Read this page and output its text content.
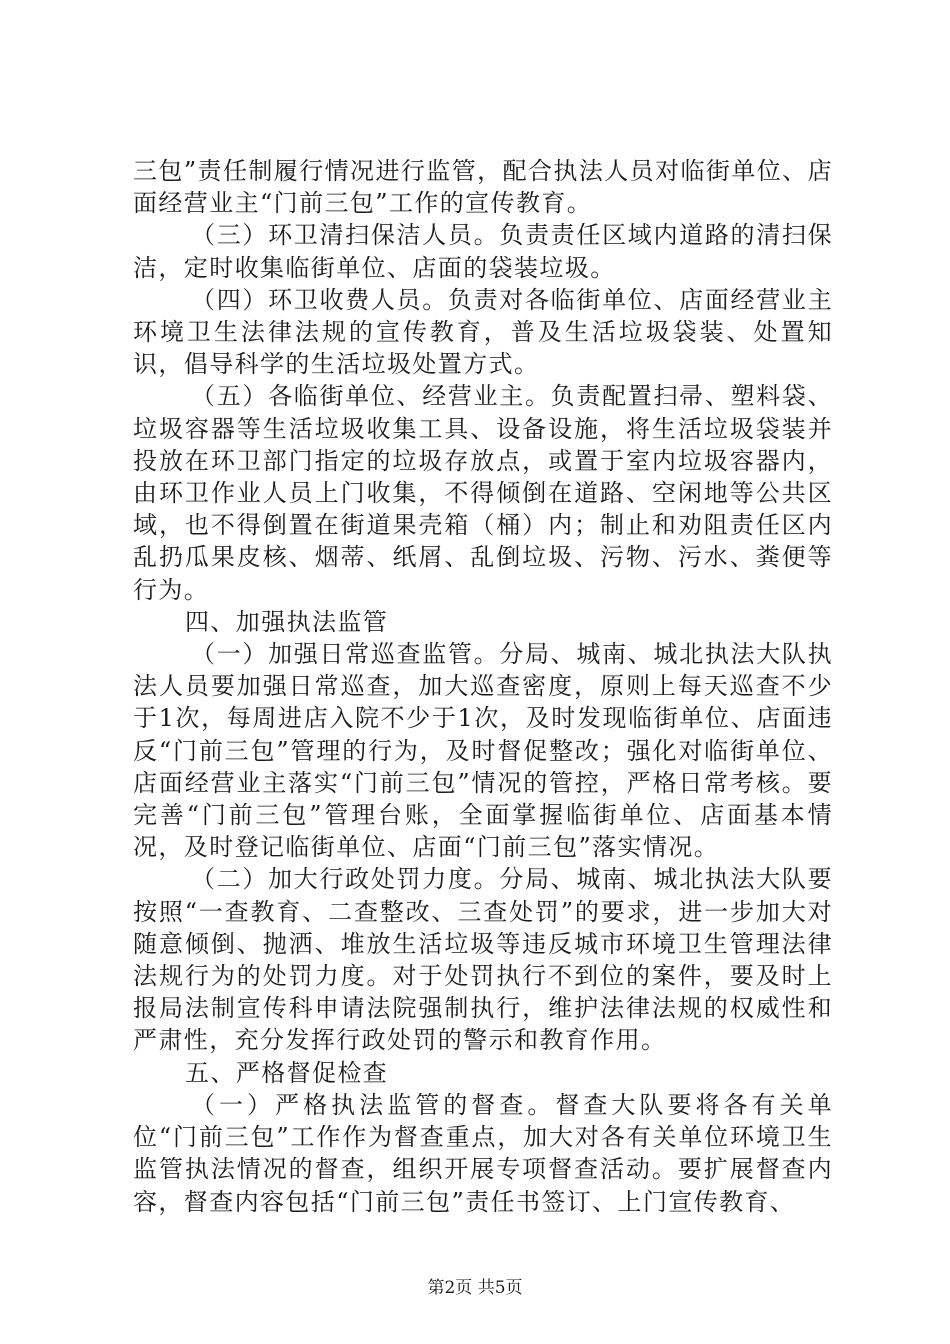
三包”责任制履行情况进行监管，配合执法人员对临街单位、店面经营业主“门前三包”工作的宣传教育。

（三）环卫清扫保洁人员。负责责任区域内道路的清扫保洁，定时收集临街单位、店面的袋装垃圾。

（四）环卫收费人员。负责对各临街单位、店面经营业主环境卫生法律法规的宣传教育，普及生活垃圾袋装、处置知识，倡导科学的生活垃圾处置方式。

（五）各临街单位、经营业主。负责配置扫帚、塑料袋、垃圾容器等生活垃圾收集工具、设备设施，将生活垃圾袋装并投放在环卫部门指定的垃圾存放点，或置于室内垃圾容器内，由环卫作业人员上门收集，不得倾倒在道路、空闲地等公共区域，也不得倒置在街道果壳箱（桶）内；制止和劝阻责任区内乱扔瓜果皮核、烟蒂、纸屑、乱倒垃圾、污物、污水、粪便等行为。

四、加强执法监管

（一）加强日常巡查监管。分局、城南、城北执法大队执法人员要加强日常巡查，加大巡查密度，原则上每天巡查不少于1次，每周进店入院不少于1次，及时发现临街单位、店面违反“门前三包”管理的行为，及时督促整改；强化对临街单位、店面经营业主落实“门前三包”情况的管控，严格日常考核。要完善“门前三包”管理台账，全面掌握临街单位、店面基本情况，及时登记临街单位、店面“门前三包”落实情况。

（二）加大行政处罚力度。分局、城南、城北执法大队要按照“一查教育、二查整改、三查处罚”的要求，进一步加大对随意倾倒、抛洒、堆放生活垃圾等违反城市环境卫生管理法律法规行为的处罚力度。对于处罚执行不到位的案件，要及时上报局法制宣传科申请法院强制执行，维护法律法规的权威性和严肃性，充分发挥行政处罚的警示和教育作用。

五、严格督促检查

（一）严格执法监管的督查。督查大队要将各有关单位“门前三包”工作作为督查重点，加大对各有关单位环境卫生监管执法情况的督查，组织开展专项督查活动。要扩展督查内容，督查内容包括“门前三包”责任书签订、上门宣传教育、

第2页 共5页
